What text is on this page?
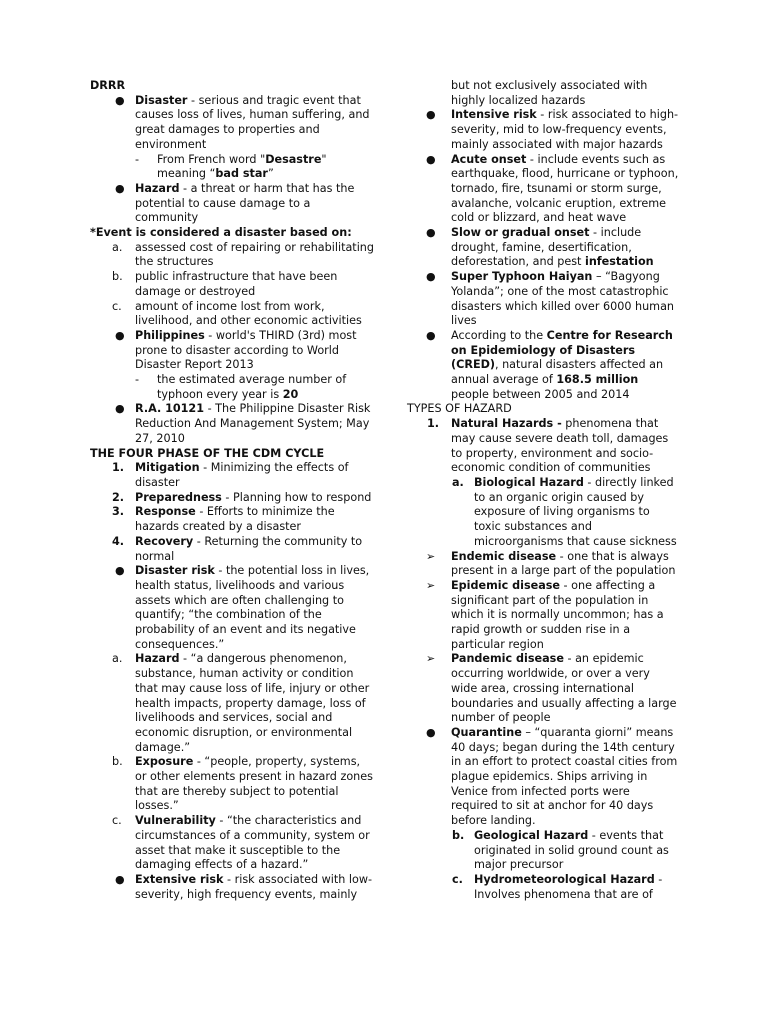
DRRR
● Disaster - serious and tragic event that causes loss of lives, human suffering, and great damages to properties and environment
-	From French word "Desastre" meaning “bad star”
● Hazard - a threat or harm that has the potential to cause damage to a community
*Event is considered a disaster based on:
a.	assessed cost of repairing or rehabilitating the structures
b.	public infrastructure that have been damage or destroyed
c.	amount of income lost from work, livelihood, and other economic activities
● Philippines - world's THIRD (3rd) most prone to disaster according to World Disaster Report 2013
-	the estimated average number of typhoon every year is 20
● R.A. 10121 - The Philippine Disaster Risk Reduction And Management System; May 27, 2010
THE FOUR PHASE OF THE CDM CYCLE
1. Mitigation - Minimizing the effects of disaster
2. Preparedness - Planning how to respond
3. Response - Efforts to minimize the hazards created by a disaster
4. Recovery - Returning the community to normal
● Disaster risk - the potential loss in lives, health status, livelihoods and various assets which are often challenging to quantify; “the combination of the probability of an event and its negative consequences.”
a.	Hazard - “a dangerous phenomenon, substance, human activity or condition that may cause loss of life, injury or other health impacts, property damage, loss of livelihoods and services, social and economic disruption, or environmental damage.”
b.	Exposure - “people, property, systems, or other elements present in hazard zones that are thereby subject to potential losses.”
c.	Vulnerability - “the characteristics and circumstances of a community, system or asset that make it susceptible to the damaging effects of a hazard.”
● Extensive risk - risk associated with low-severity, high frequency events, mainly
but not exclusively associated with highly localized hazards
●	Intensive risk - risk associated to high-severity, mid to low-frequency events, mainly associated with major hazards
●	Acute onset - include events such as earthquake, flood, hurricane or typhoon, tornado, fire, tsunami or storm surge, avalanche, volcanic eruption, extreme cold or blizzard, and heat wave
●	Slow or gradual onset - include drought, famine, desertification, deforestation, and pest infestation
●	Super Typhoon Haiyan – “Bagyong Yolanda”; one of the most catastrophic disasters which killed over 6000 human lives
●	According to the Centre for Research on Epidemiology of Disasters (CRED), natural disasters affected an annual average of 168.5 million people between 2005 and 2014
TYPES OF HAZARD
1.	Natural Hazards - phenomena that may cause severe death toll, damages to property, environment and socio-economic condition of communities
a. Biological Hazard - directly linked to an organic origin caused by exposure of living organisms to toxic substances and microorganisms that cause sickness
➢	Endemic disease - one that is always present in a large part of the population
➢	Epidemic disease - one affecting a significant part of the population in which it is normally uncommon; has a rapid growth or sudden rise in a particular region
➢	Pandemic disease - an epidemic occurring worldwide, or over a very wide area, crossing international boundaries and usually affecting a large number of people
●	Quarantine – “quaranta giorni” means 40 days; began during the 14th century in an effort to protect coastal cities from plague epidemics. Ships arriving in Venice from infected ports were required to sit at anchor for 40 days before landing.
b. Geological Hazard - events that originated in solid ground count as major precursor
c. Hydrometeorological Hazard - Involves phenomena that are of
